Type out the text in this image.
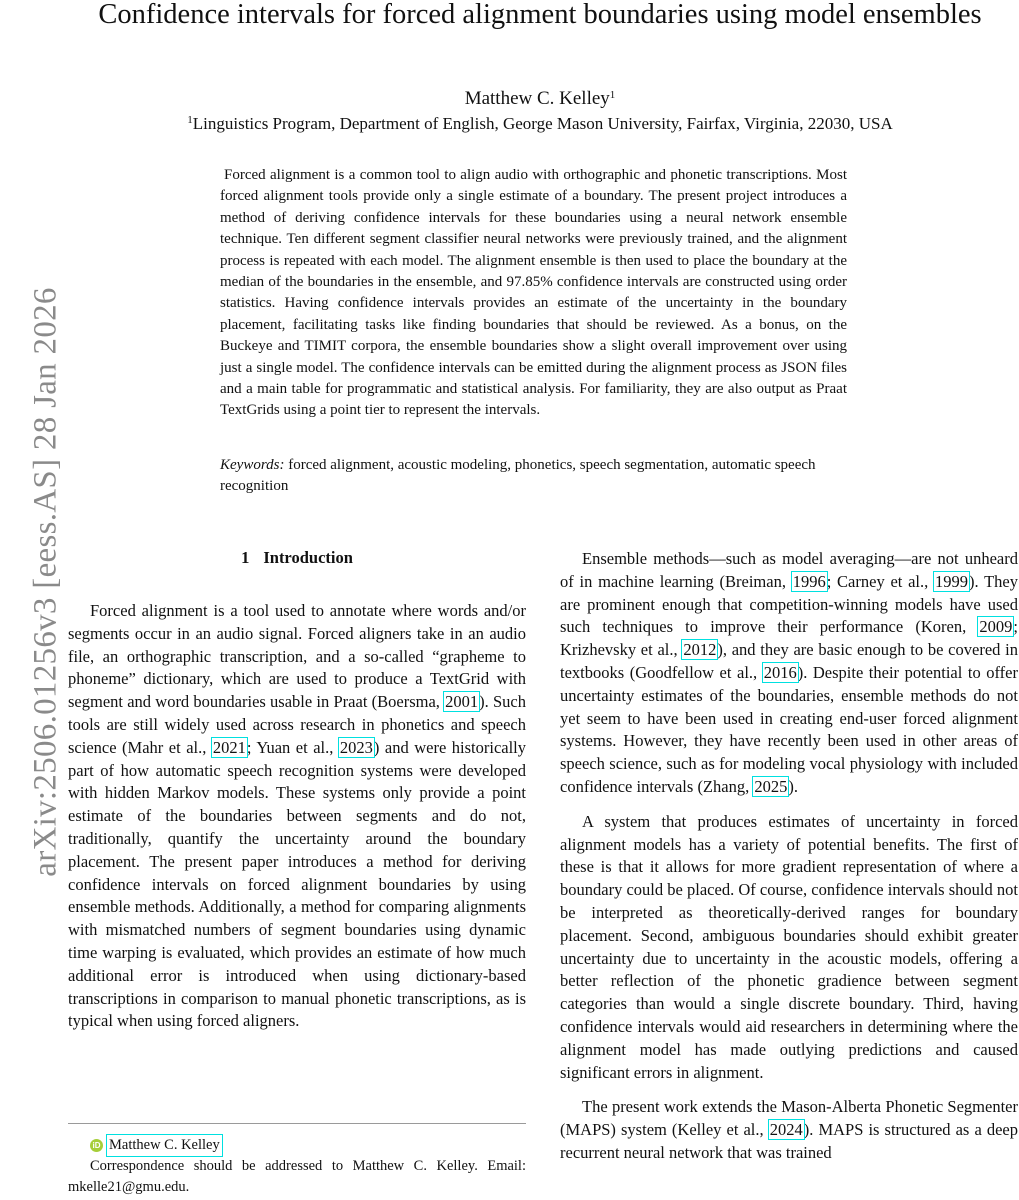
arXiv:2506.01256v3 [eess.AS] 28 Jan 2026
Confidence intervals for forced alignment boundaries using model ensembles
Matthew C. Kelley$^1$
$^1$Linguistics Program, Department of English, George Mason University, Fairfax, Virginia, 22030, USA

Forced alignment is a common tool to align audio with orthographic and phonetic transcriptions. Most forced alignment tools provide only a single estimate of a boundary. The present project introduces a method of deriving confidence intervals for these boundaries using a neural network ensemble technique. Ten different segment classifier neural networks were previously trained, and the alignment process is repeated with each model. The alignment ensemble is then used to place the boundary at the median of the boundaries in the ensemble, and 97.85% confidence intervals are constructed using order statistics. Having confidence intervals provides an estimate of the uncertainty in the boundary placement, facilitating tasks like finding boundaries that should be reviewed. As a bonus, on the Buckeye and TIMIT corpora, the ensemble boundaries show a slight overall improvement over using just a single model. The confidence intervals can be emitted during the alignment process as JSON files and a main table for programmatic and statistical analysis. For familiarity, they are also output as Praat TextGrids using a point tier to represent the intervals.

Keywords: forced alignment, acoustic modeling, phonetics, speech segmentation, automatic speech recognition
1 Introduction

Forced alignment is a tool used to annotate where words and/or segments occur in an audio signal. Forced aligners take in an audio file, an orthographic transcription, and a so-called “grapheme to phoneme” dictionary, which are used to produce a TextGrid with segment and word boundaries usable in Praat (Boersma, 2001). Such tools are still widely used across research in phonetics and speech science (Mahr et al., 2021; Yuan et al., 2023) and were historically part of how automatic speech recognition systems were developed with hidden Markov models. These systems only provide a point estimate of the boundaries between segments and do not, traditionally, quantify the uncertainty around the boundary placement. The present paper introduces a method for deriving confidence intervals on forced alignment boundaries by using ensemble methods. Additionally, a method for comparing alignments with mismatched numbers of segment boundaries using dynamic time warping is evaluated, which provides an estimate of how much additional error is introduced when using dictionary-based transcriptions in comparison to manual phonetic transcriptions, as is typical when using forced aligners.

Ensemble methods—such as model averaging—are not unheard of in machine learning (Breiman, 1996; Carney et al., 1999). They are prominent enough that competition-winning models have used such techniques to improve their performance (Koren, 2009; Krizhevsky et al., 2012), and they are basic enough to be covered in textbooks (Goodfellow et al., 2016). Despite their potential to offer uncertainty estimates of the boundaries, ensemble methods do not yet seem to have been used in creating end-user forced alignment systems. However, they have recently been used in other areas of speech science, such as for modeling vocal physiology with included confidence intervals (Zhang, 2025).

A system that produces estimates of uncertainty in forced alignment models has a variety of potential benefits. The first of these is that it allows for more gradient representation of where a boundary could be placed. Of course, confidence intervals should not be interpreted as theoretically-derived ranges for boundary placement. Second, ambiguous boundaries should exhibit greater uncertainty due to uncertainty in the acoustic models, offering a better reflection of the phonetic gradience between segment categories than would a single discrete boundary. Third, having confidence intervals would aid researchers in determining where the alignment model has made outlying predictions and caused significant errors in alignment.

The present work extends the Mason-Alberta Phonetic Segmenter (MAPS) system (Kelley et al., 2024). MAPS is structured as a deep recurrent neural network that was trained

iD Matthew C. Kelley

Correspondence should be addressed to Matthew C. Kelley. Email: mkelle21@gmu.edu.
